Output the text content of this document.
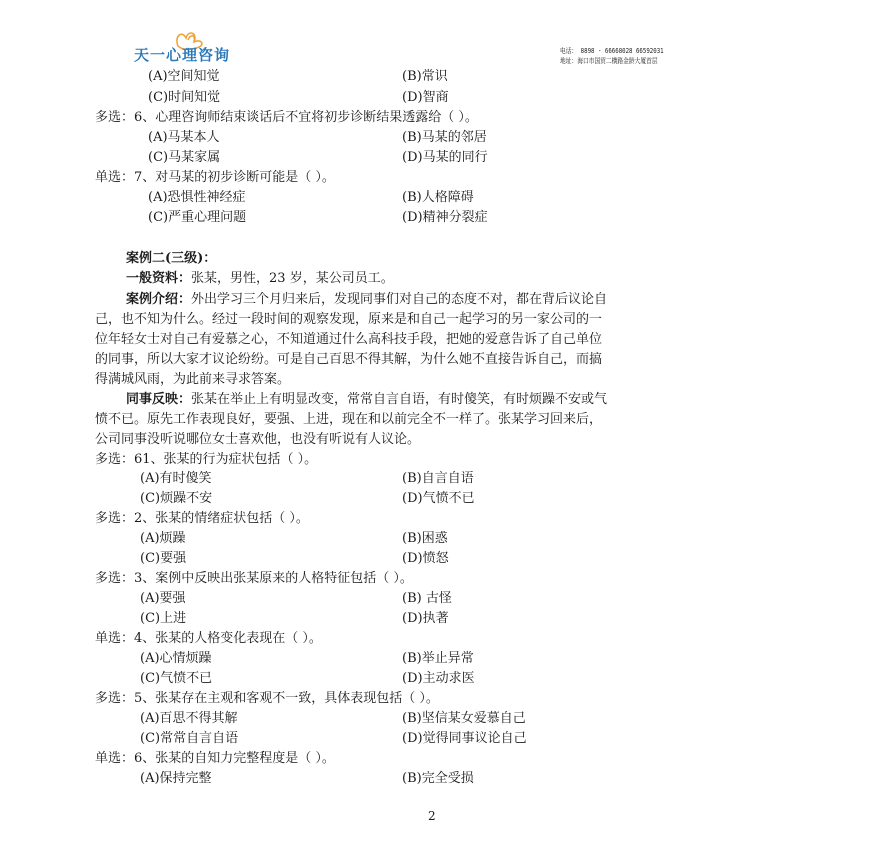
天一心理咨询	电话： 8898 - 66668028 66592031
地址：海口市国贸二横路金龄大厦首层
(A)空间知觉	(B)常识
(C)时间知觉	(D)智商
多选：6、心理咨询师结束谈话后不宜将初步诊断结果透露给（ ）。
(A)马某本人	(B)马某的邻居
(C)马某家属	(D)马某的同行
单选：7、对马某的初步诊断可能是（ ）。
(A)恐惧性神经症	(B)人格障碍
(C)严重心理问题	(D)精神分裂症
案例二(三级)：
一般资料：张某，男性，23 岁，某公司员工。
案例介绍：外出学习三个月归来后，发现同事们对自己的态度不对，都在背后议论自
己，也不知为什么。经过一段时间的观察发现，原来是和自己一起学习的另一家公司的一
位年轻女士对自己有爱慕之心，不知道通过什么高科技手段，把她的爱意告诉了自己单位
的同事，所以大家才议论纷纷。可是自己百思不得其解，为什么她不直接告诉自己，而搞
得满城风雨，为此前来寻求答案。
同事反映：张某在举止上有明显改变，常常自言自语，有时傻笑，有时烦躁不安或气
愤不已。原先工作表现良好，要强、上进，现在和以前完全不一样了。张某学习回来后，
公司同事没听说哪位女士喜欢他，也没有听说有人议论。
多选：61、张某的行为症状包括（ ）。
(A)有时傻笑	(B)自言自语
(C)烦躁不安	(D)气愤不已
多选：2、张某的情绪症状包括（ ）。
(A)烦躁	(B)困惑
(C)要强	(D)愤怒
多选：3、案例中反映出张某原来的人格特征包括（ ）。
(A)要强	(B) 古怪
(C)上进	(D)执著
单选：4、张某的人格变化表现在（ ）。
(A)心情烦躁	(B)举止异常
(C)气愤不已	(D)主动求医
多选：5、张某存在主观和客观不一致，具体表现包括（ ）。
(A)百思不得其解	(B)坚信某女爱慕自己
(C)常常自言自语	(D)觉得同事议论自己
单选：6、张某的自知力完整程度是（ ）。
(A)保持完整	(B)完全受损
2
